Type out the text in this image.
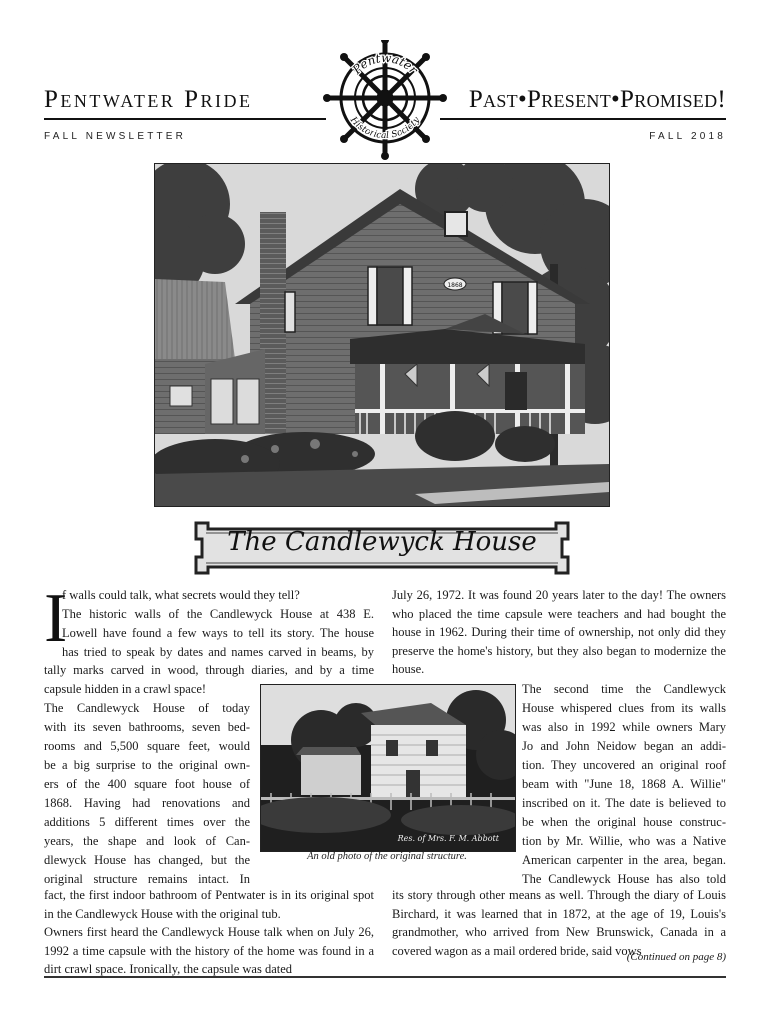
Pentwater Pride	Past•Present•Promised!
FALL NEWSLETTER	FALL 2018
Pentwater
Historical Society
1868
The Candlewyck House
I
f walls could talk, what secrets would they tell?
The historic walls of the Candlewyck House at 438 E.
Lowell have found a few ways to tell its story. The house
has tried to speak by dates and names carved in beams, by
tally marks carved in wood, through diaries, and by a time capsule hidden in a crawl space!
The Candlewyck House of today
with its seven bathrooms, seven bed-
rooms and 5,500 square feet, would
be a big surprise to the original own-
ers of the 400 square foot house of
1868. Having had renovations and
additions 5 different times over the
years, the shape and look of Can-
dlewyck House has changed, but the
original structure remains intact. In
fact, the first indoor bathroom of Pentwater is in its original spot in the Candlewyck House with the original tub.
Owners first heard the Candlewyck House talk when on July 26, 1992 a time capsule with the history of the home was found in a dirt crawl space. Ironically, the capsule was dated
Res. of Mrs. F. M. Abbott
An old photo of the original structure.
July 26, 1972. It was found 20 years later to the day! The owners who placed the time capsule were teachers and had bought the house in 1962. During their time of ownership, not only did they preserve the home's history, but they also began to modernize the house.
The second time the Candlewyck
House whispered clues from its walls
was also in 1992 while owners Mary
Jo and John Neidow began an addi-
tion. They uncovered an original roof
beam with "June 18, 1868 A. Willie"
inscribed on it. The date is believed to
be when the original house construc-
tion by Mr. Willie, who was a Native
American carpenter in the area, began.
The Candlewyck House has also told
its story through other means as well. Through the diary of Louis Birchard, it was learned that in 1872, at the age of 19, Louis's grandmother, who arrived from New Brunswick, Canada in a covered wagon as a mail ordered bride, said vows
(Continued on page 8)
